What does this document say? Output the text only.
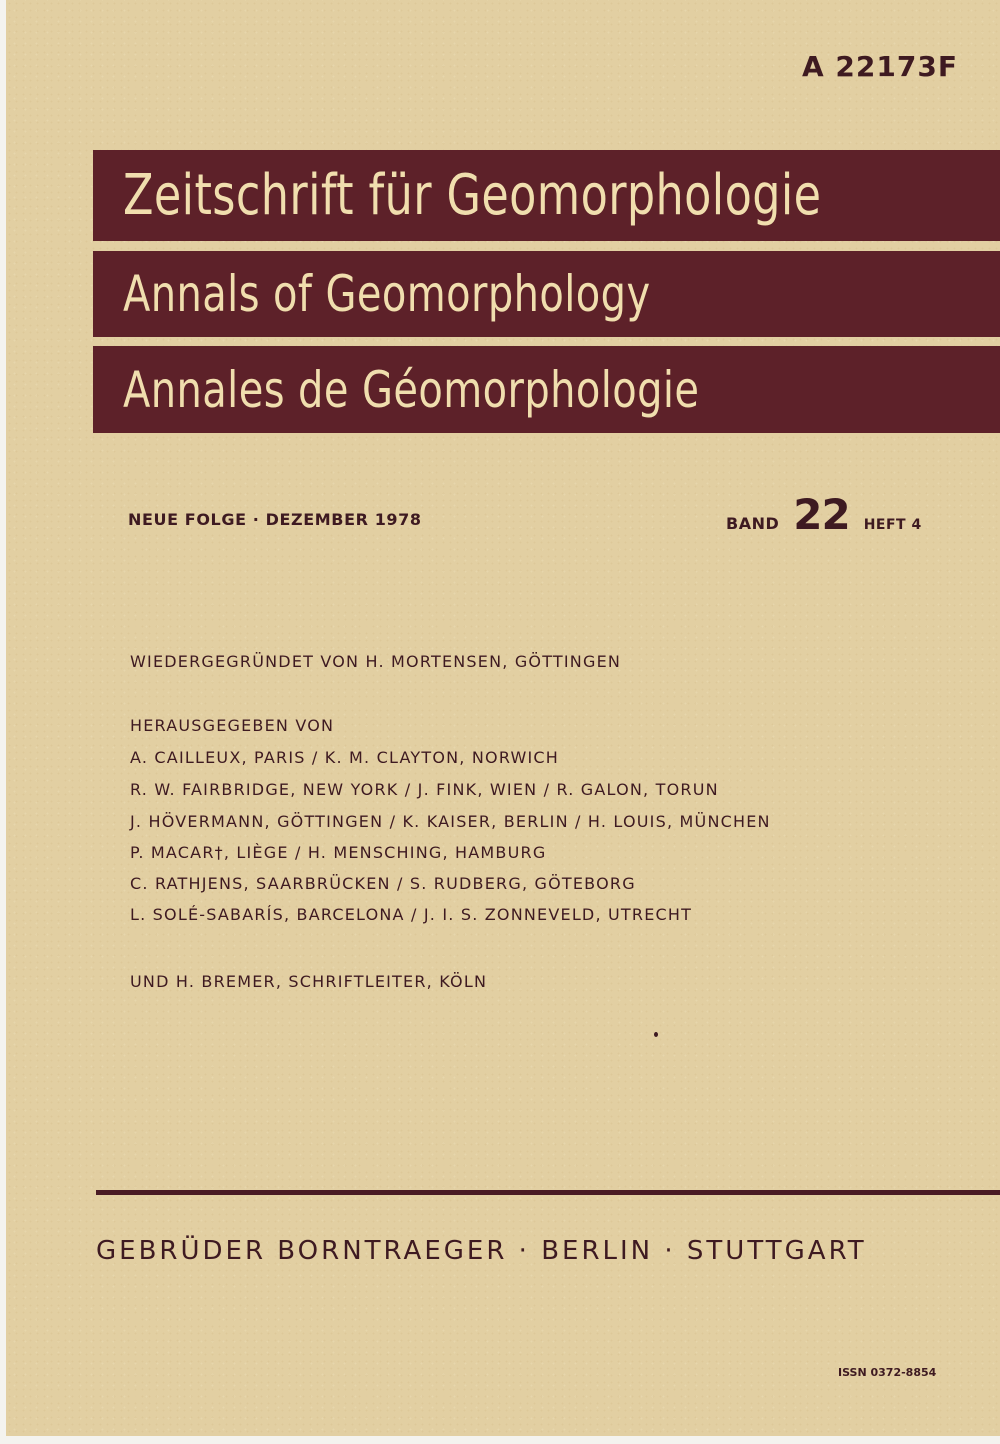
A 22173F
Zeitschrift für Geomorphologie
Annals of Geomorphology
Annales de Géomorphologie
NEUE FOLGE · DEZEMBER 1978	BAND 22 HEFT 4
WIEDERGEGRÜNDET VON H. MORTENSEN, GÖTTINGEN
HERAUSGEGEBEN VON
A. CAILLEUX, PARIS / K. M. CLAYTON, NORWICH
R. W. FAIRBRIDGE, NEW YORK / J. FINK, WIEN / R. GALON, TORUN
J. HÖVERMANN, GÖTTINGEN / K. KAISER, BERLIN / H. LOUIS, MÜNCHEN
P. MACAR†, LIÈGE / H. MENSCHING, HAMBURG
C. RATHJENS, SAARBRÜCKEN / S. RUDBERG, GÖTEBORG
L. SOLÉ-SABARÍS, BARCELONA / J. I. S. ZONNEVELD, UTRECHT
UND H. BREMER, SCHRIFTLEITER, KÖLN
GEBRÜDER BORNTRAEGER · BERLIN · STUTTGART
ISSN 0372-8854
